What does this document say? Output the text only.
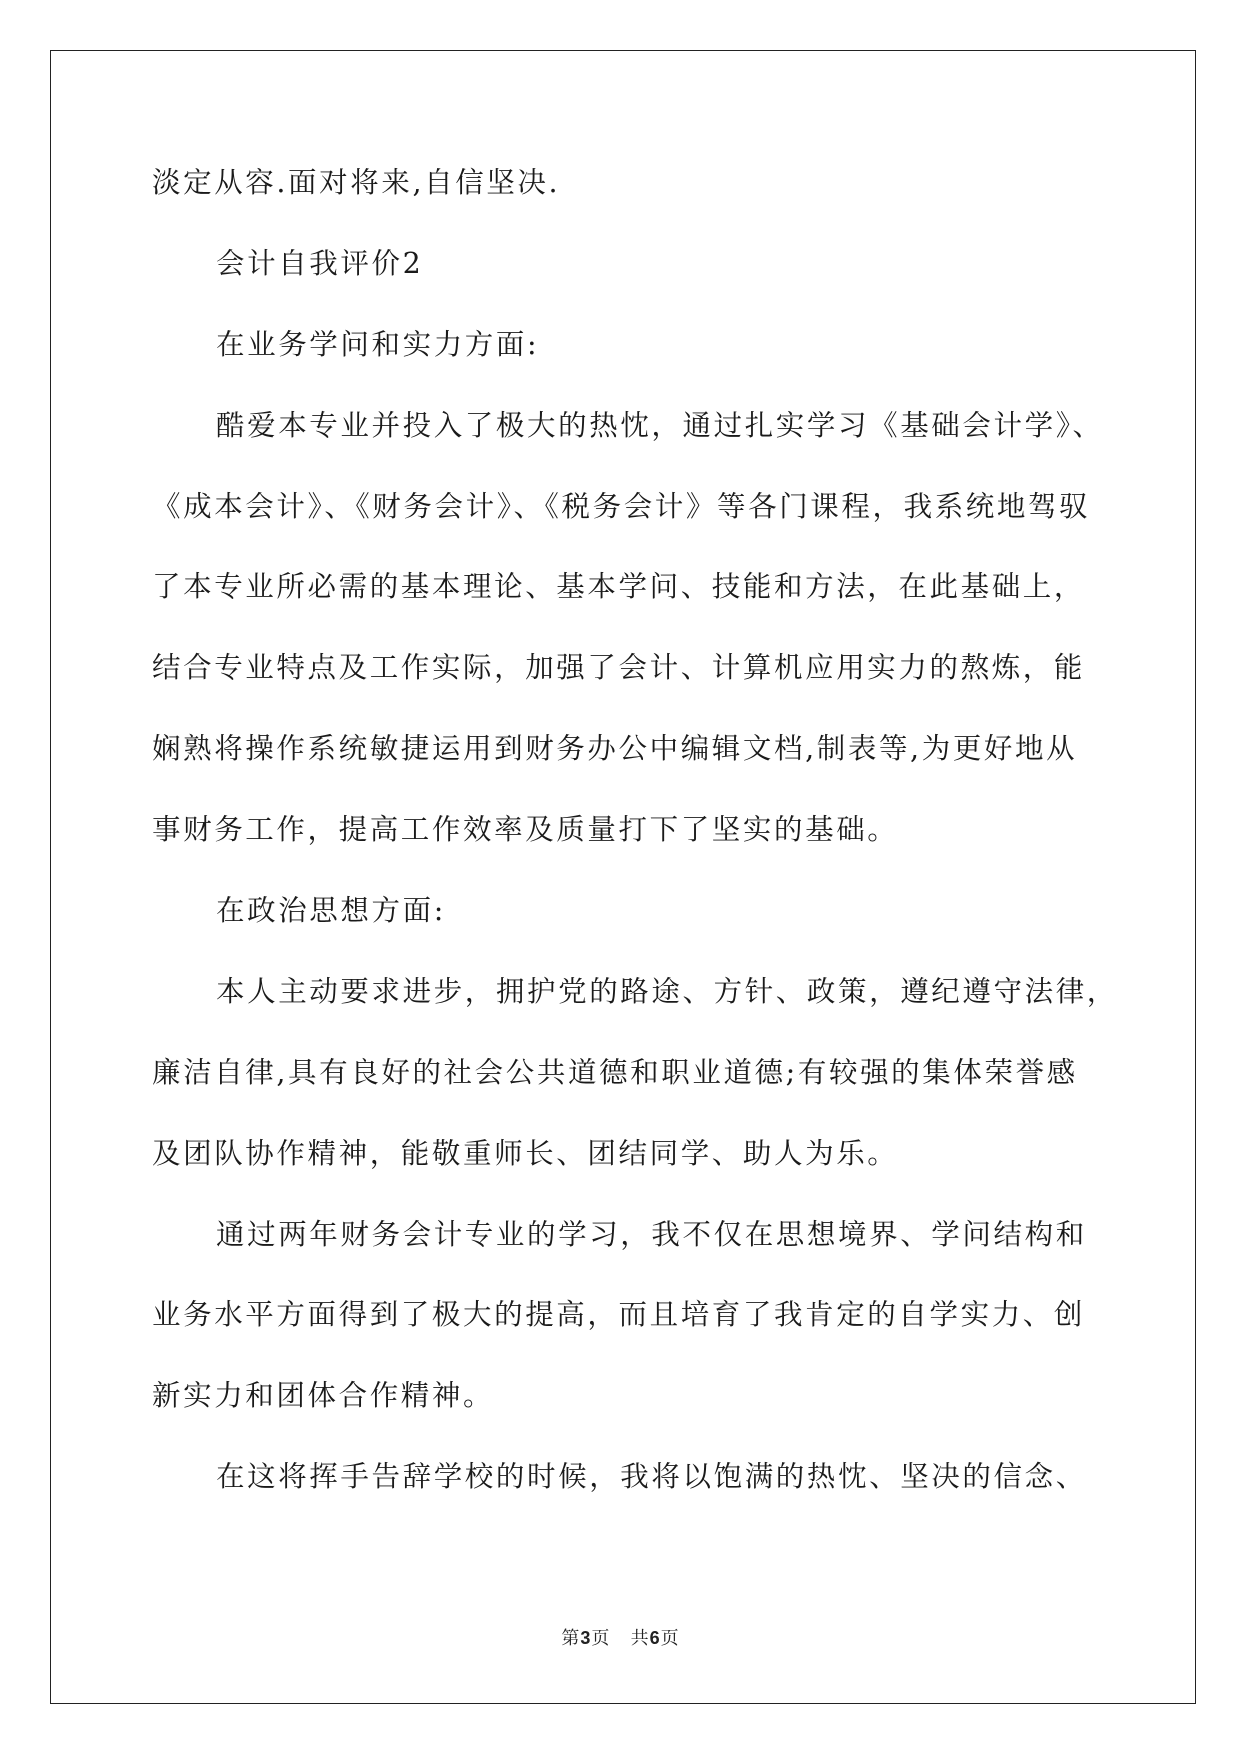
淡定从容.面对将来,自信坚决.
会计自我评价2
在业务学问和实力方面:
酷爱本专业并投入了极大的热忱，通过扎实学习《基础会计学》、
《成本会计》、《财务会计》、《税务会计》等各门课程，我系统地驾驭
了本专业所必需的基本理论、基本学问、技能和方法，在此基础上，
结合专业特点及工作实际，加强了会计、计算机应用实力的熬炼，能
娴熟将操作系统敏捷运用到财务办公中编辑文档,制表等,为更好地从
事财务工作，提高工作效率及质量打下了坚实的基础。
在政治思想方面:
本人主动要求进步，拥护党的路途、方针、政策，遵纪遵守法律，
廉洁自律,具有良好的社会公共道德和职业道德;有较强的集体荣誉感
及团队协作精神，能敬重师长、团结同学、助人为乐。
通过两年财务会计专业的学习，我不仅在思想境界、学问结构和
业务水平方面得到了极大的提高，而且培育了我肯定的自学实力、创
新实力和团体合作精神。
在这将挥手告辞学校的时候，我将以饱满的热忱、坚决的信念、
第3页 共6页
